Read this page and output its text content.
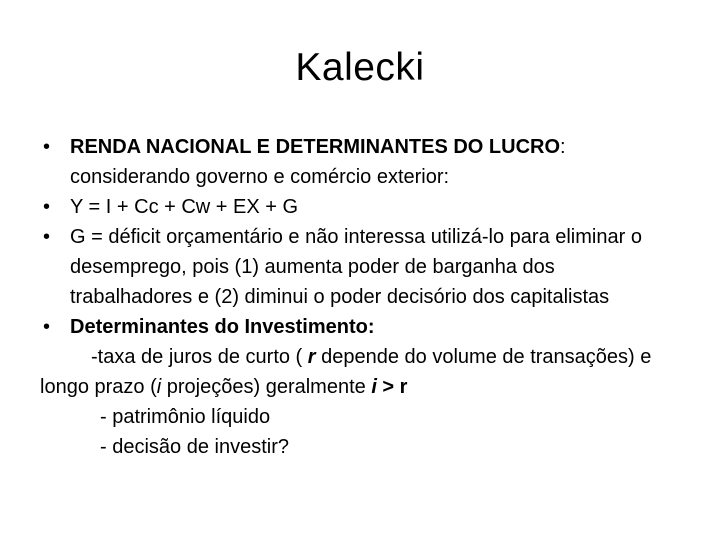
Kalecki

• RENDA NACIONAL E DETERMINANTES DO LUCRO: considerando governo e comércio exterior:

• Y = I + Cc + Cw + EX + G

• G = déficit orçamentário e não interessa utilizá-lo para eliminar o desemprego, pois (1) aumenta poder de barganha dos trabalhadores e (2) diminui o poder decisório dos capitalistas

• Determinantes do Investimento:

-taxa de juros de curto ( r depende do volume de transações) e longo prazo (i projeções) geralmente i > r

- patrimônio líquido

- decisão de investir?
